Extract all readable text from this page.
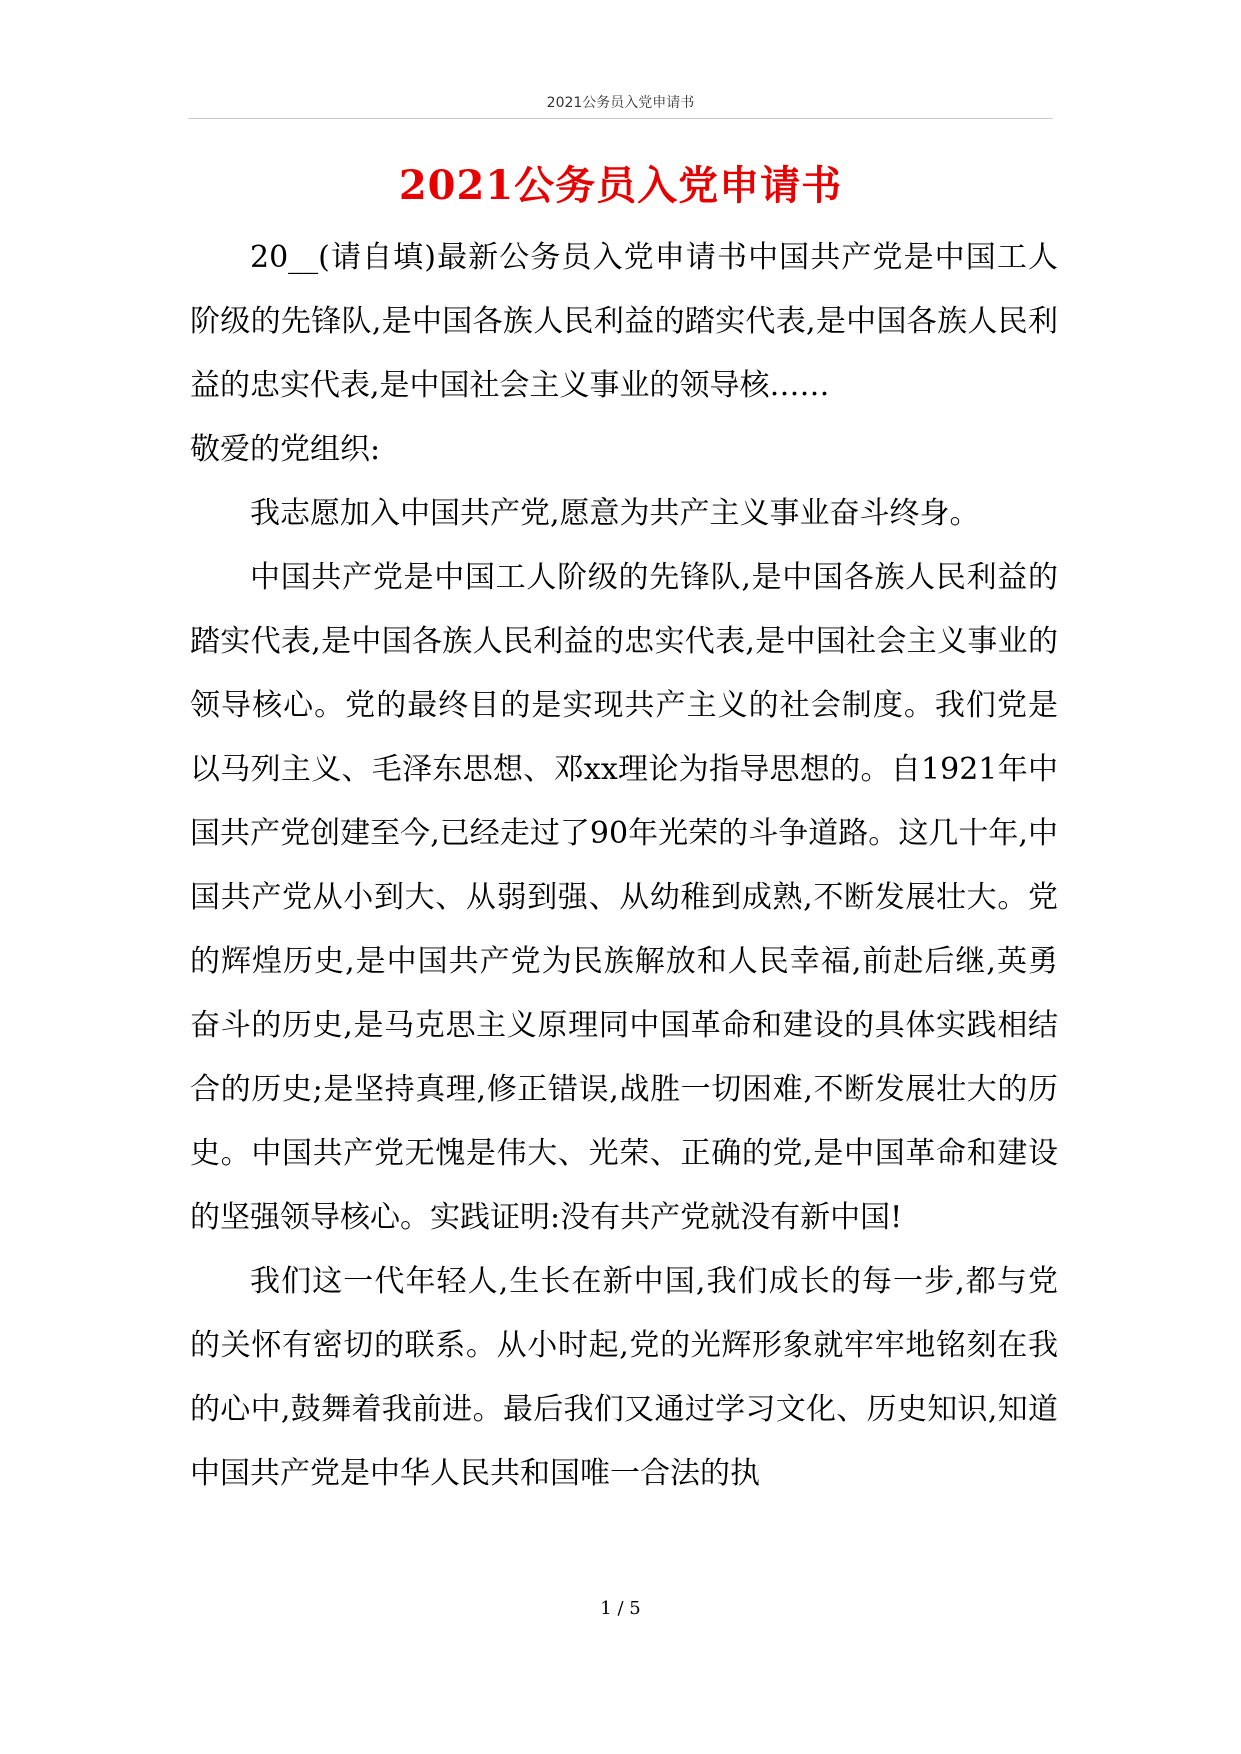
2021公务员入党申请书
2021公务员入党申请书

20__(请自填)最新公务员入党申请书中国共产党是中国工人阶级的先锋队,是中国各族人民利益的踏实代表,是中国各族人民利益的忠实代表,是中国社会主义事业的领导核……

敬爱的党组织:

我志愿加入中国共产党,愿意为共产主义事业奋斗终身。

中国共产党是中国工人阶级的先锋队,是中国各族人民利益的踏实代表,是中国各族人民利益的忠实代表,是中国社会主义事业的领导核心。党的最终目的是实现共产主义的社会制度。我们党是以马列主义、毛泽东思想、邓xx理论为指导思想的。自1921年中国共产党创建至今,已经走过了90年光荣的斗争道路。这几十年,中国共产党从小到大、从弱到强、从幼稚到成熟,不断发展壮大。党的辉煌历史,是中国共产党为民族解放和人民幸福,前赴后继,英勇奋斗的历史,是马克思主义原理同中国革命和建设的具体实践相结合的历史;是坚持真理,修正错误,战胜一切困难,不断发展壮大的历史。中国共产党无愧是伟大、光荣、正确的党,是中国革命和建设的坚强领导核心。实践证明:没有共产党就没有新中国!

我们这一代年轻人,生长在新中国,我们成长的每一步,都与党的关怀有密切的联系。从小时起,党的光辉形象就牢牢地铭刻在我的心中,鼓舞着我前进。最后我们又通过学习文化、历史知识,知道中国共产党是中华人民共和国唯一合法的执

1 / 5
